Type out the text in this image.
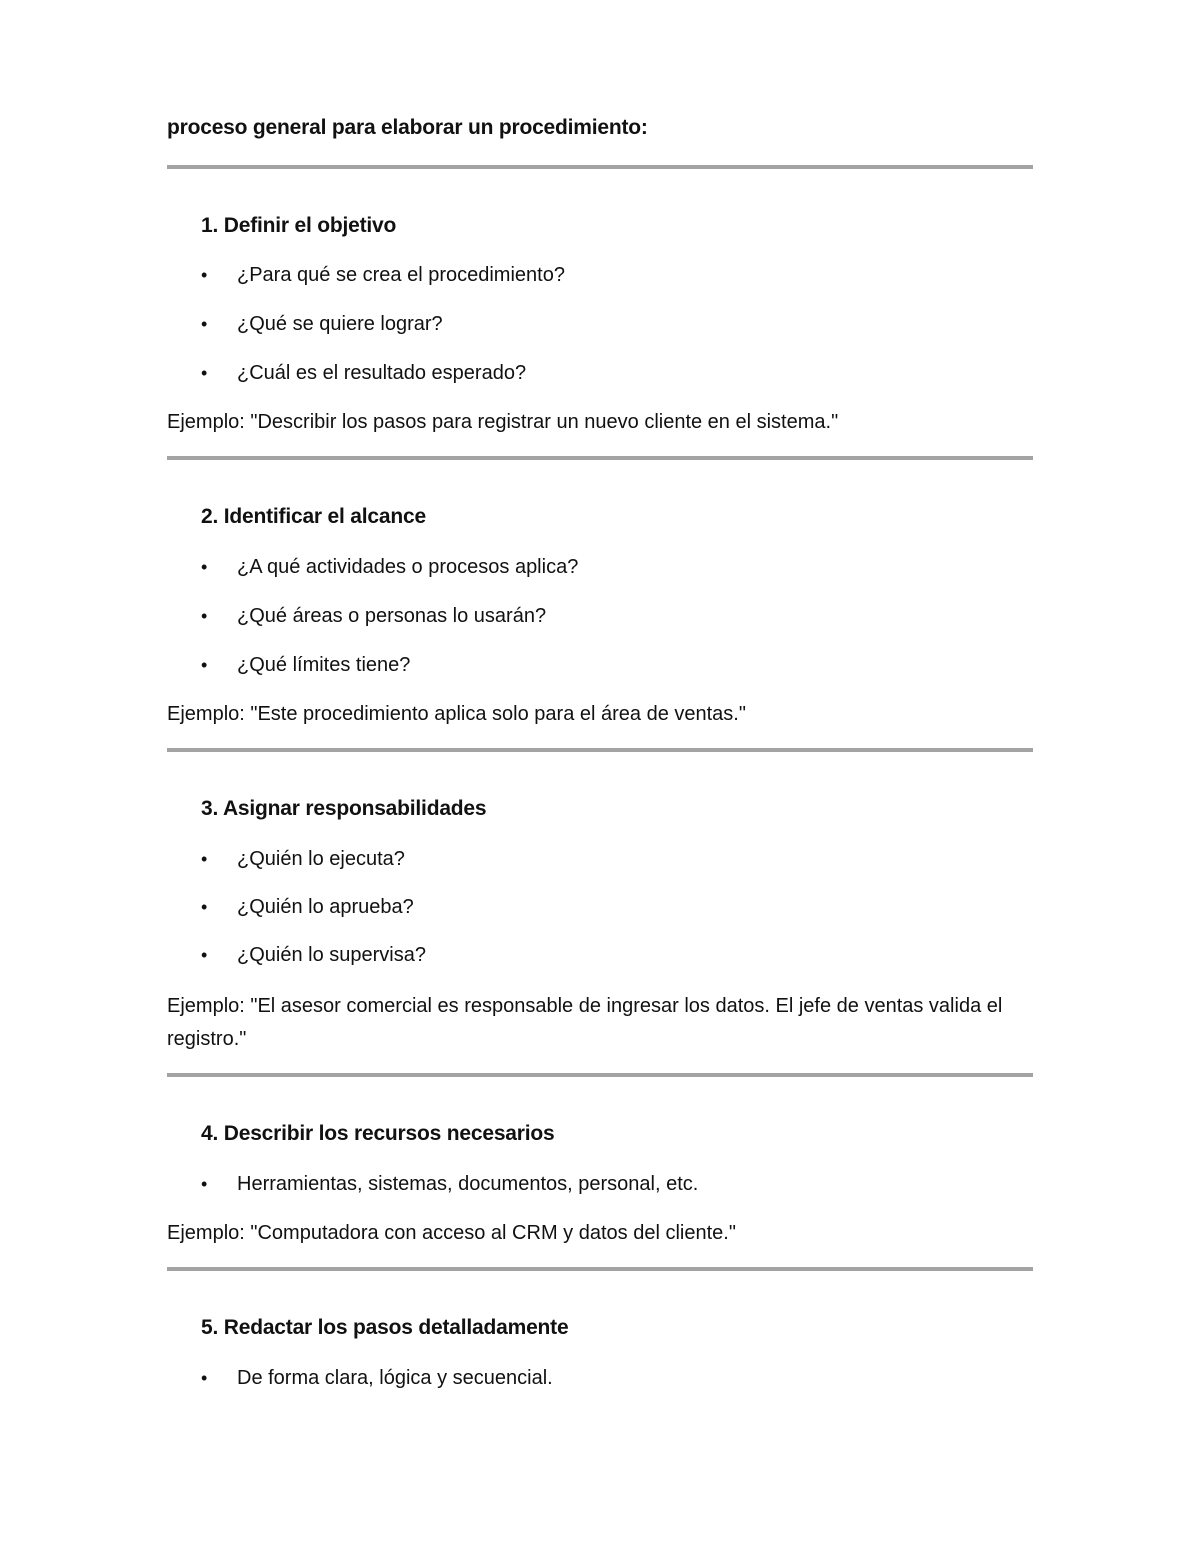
proceso general para elaborar un procedimiento:
1. Definir el objetivo
•	¿Para qué se crea el procedimiento?
•	¿Qué se quiere lograr?
•	¿Cuál es el resultado esperado?
Ejemplo: "Describir los pasos para registrar un nuevo cliente en el sistema."
2. Identificar el alcance
•	¿A qué actividades o procesos aplica?
•	¿Qué áreas o personas lo usarán?
•	¿Qué límites tiene?
Ejemplo: "Este procedimiento aplica solo para el área de ventas."
3. Asignar responsabilidades
•	¿Quién lo ejecuta?
•	¿Quién lo aprueba?
•	¿Quién lo supervisa?
Ejemplo: "El asesor comercial es responsable de ingresar los datos. El jefe de ventas valida el registro."
4. Describir los recursos necesarios
•	Herramientas, sistemas, documentos, personal, etc.
Ejemplo: "Computadora con acceso al CRM y datos del cliente."
5. Redactar los pasos detalladamente
•	De forma clara, lógica y secuencial.
